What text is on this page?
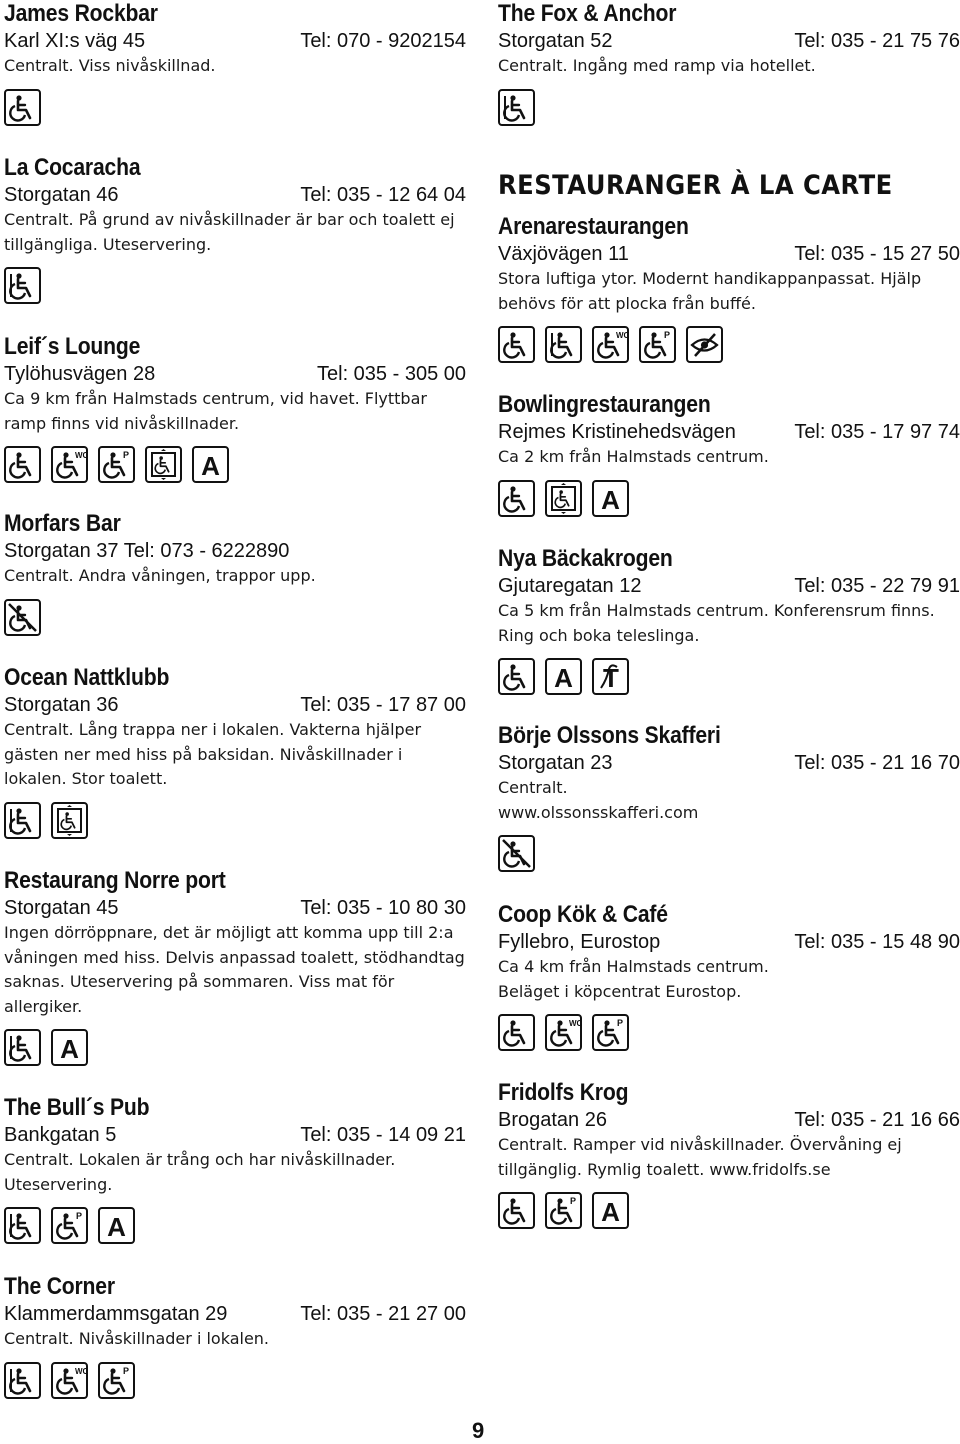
James Rockbar
Karl XI:s väg 45	Tel: 070 - 9202154
Centralt. Viss nivåskillnad.
La Cocaracha
Storgatan 46	Tel: 035 - 12 64 04
Centralt. På grund av nivåskillnader är bar och toalett ej tillgängliga. Uteservering.
Leif´s Lounge
Tylöhusvägen 28	Tel: 035 - 305 00
Ca 9 km från Halmstads centrum, vid havet. Flyttbar ramp finns vid nivåskillnader.
WC	P	A
Morfars Bar
Storgatan 37 Tel: 073 - 6222890
Centralt. Andra våningen, trappor upp.
Ocean Nattklubb
Storgatan 36	Tel: 035 - 17 87 00
Centralt. Lång trappa ner i lokalen. Vakterna hjälper gästen ner med hiss på baksidan. Nivåskillnader i lokalen. Stor toalett.
Restaurang Norre port
Storgatan 45	Tel: 035 - 10 80 30
Ingen dörröppnare, det är möjligt att komma upp till 2:a våningen med hiss. Delvis anpassad toalett, stödhandtag saknas. Uteservering på sommaren. Viss mat för allergiker.
A
The Bull´s Pub
Bankgatan 5	Tel: 035 - 14 09 21
Centralt. Lokalen är trång och har nivåskillnader. Uteservering.
P A
The Corner
Klammerdammsgatan 29	Tel: 035 - 21 27 00
Centralt. Nivåskillnader i lokalen.
WC	P
The Fox & Anchor
Storgatan 52	Tel: 035 - 21 75 76
Centralt. Ingång med ramp via hotellet.
RESTAURANGER À LA CARTE
Arenarestaurangen
Växjövägen 11	Tel: 035 - 15 27 50
Stora luftiga ytor. Modernt handikappanpassat. Hjälp behövs för att plocka från buffé.
WC	P
Bowlingrestaurangen
Rejmes Kristinehedsvägen	Tel: 035 - 17 97 74
Ca 2 km från Halmstads centrum.
A
Nya Bäckakrogen
Gjutaregatan 12	Tel: 035 - 22 79 91
Ca 5 km från Halmstads centrum. Konferensrum finns. Ring och boka teleslinga.
A T
Börje Olssons Skafferi
Storgatan 23	Tel: 035 - 21 16 70
Centralt. www.olssonsskafferi.com
Coop Kök & Café
Fyllebro, Eurostop	Tel: 035 - 15 48 90
Ca 4 km från Halmstads centrum. Beläget i köpcentrat Eurostop.
WC	P
Fridolfs Krog
Brogatan 26	Tel: 035 - 21 16 66
Centralt. Ramper vid nivåskillnader. Övervåning ej tillgänglig. Rymlig toalett. www.fridolfs.se
P A
9
